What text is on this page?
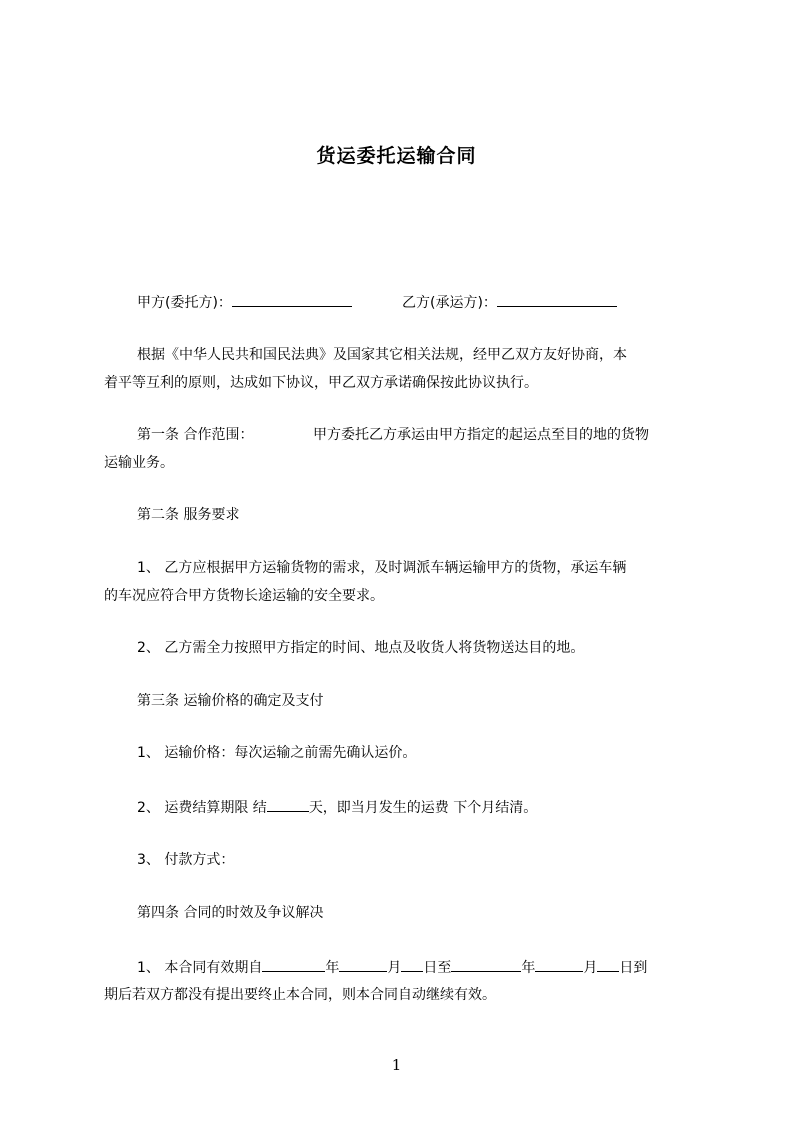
货运委托运输合同
甲方(委托方)：	乙方(承运方)：
根据《中华人民共和国民法典》及国家其它相关法规，经甲乙双方友好协商，本
着平等互利的原则，达成如下协议，甲乙双方承诺确保按此协议执行。
第一条 合作范围：	甲方委托乙方承运由甲方指定的起运点至目的地的货物
运输业务。
第二条 服务要求
1、 乙方应根据甲方运输货物的需求，及时调派车辆运输甲方的货物，承运车辆
的车况应符合甲方货物长途运输的安全要求。
2、 乙方需全力按照甲方指定的时间、地点及收货人将货物送达目的地。
第三条 运输价格的确定及支付
1、 运输价格：每次运输之前需先确认运价。
2、 运费结算期限 结	天，即当月发生的运费 下个月结清。
3、 付款方式：
第四条 合同的时效及争议解决
1、 本合同有效期自	年	月 日至	年	月 日到
期后若双方都没有提出要终止本合同，则本合同自动继续有效。
1
